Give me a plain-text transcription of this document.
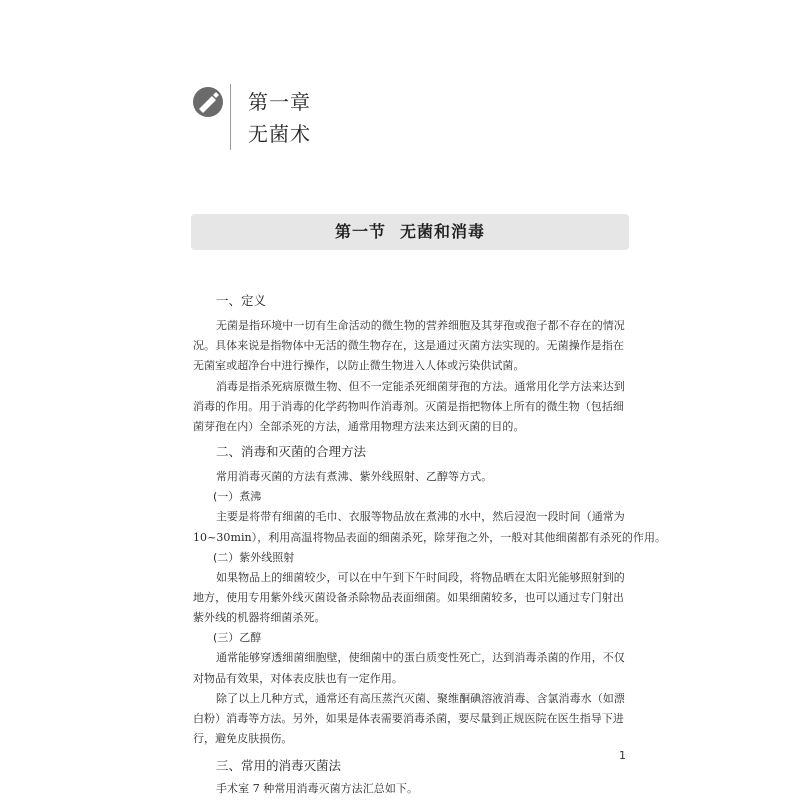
第一章
无菌术
第一节 无菌和消毒
一、定义
无菌是指环境中一切有生命活动的微生物的营养细胞及其芽孢或孢子都不存在的情况
况。具体来说是指物体中无活的微生物存在，这是通过灭菌方法实现的。无菌操作是指在
无菌室或超净台中进行操作，以防止微生物进入人体或污染供试菌。
消毒是指杀死病原微生物、但不一定能杀死细菌芽孢的方法。通常用化学方法来达到
消毒的作用。用于消毒的化学药物叫作消毒剂。灭菌是指把物体上所有的微生物（包括细
菌芽孢在内）全部杀死的方法，通常用物理方法来达到灭菌的目的。
二、消毒和灭菌的合理方法
常用消毒灭菌的方法有煮沸、紫外线照射、乙醇等方式。
(一）煮沸
主要是将带有细菌的毛巾、衣服等物品放在煮沸的水中，然后浸泡一段时间（通常为
10~30min），利用高温将物品表面的细菌杀死，除芽孢之外，一般对其他细菌都有杀死的作用。
(二）紫外线照射
如果物品上的细菌较少，可以在中午到下午时间段，将物品晒在太阳光能够照射到的
地方，使用专用紫外线灭菌设备杀除物品表面细菌。如果细菌较多，也可以通过专门射出
紫外线的机器将细菌杀死。
(三）乙醇
通常能够穿透细菌细胞壁，使细菌中的蛋白质变性死亡，达到消毒杀菌的作用，不仅
对物品有效果，对体表皮肤也有一定作用。
除了以上几种方式，通常还有高压蒸汽灭菌、聚维酮碘溶液消毒、含氯消毒水（如漂
白粉）消毒等方法。另外，如果是体表需要消毒杀菌，要尽量到正规医院在医生指导下进
行，避免皮肤损伤。
1
三、常用的消毒灭菌法
手术室 7 种常用消毒灭菌方法汇总如下。
